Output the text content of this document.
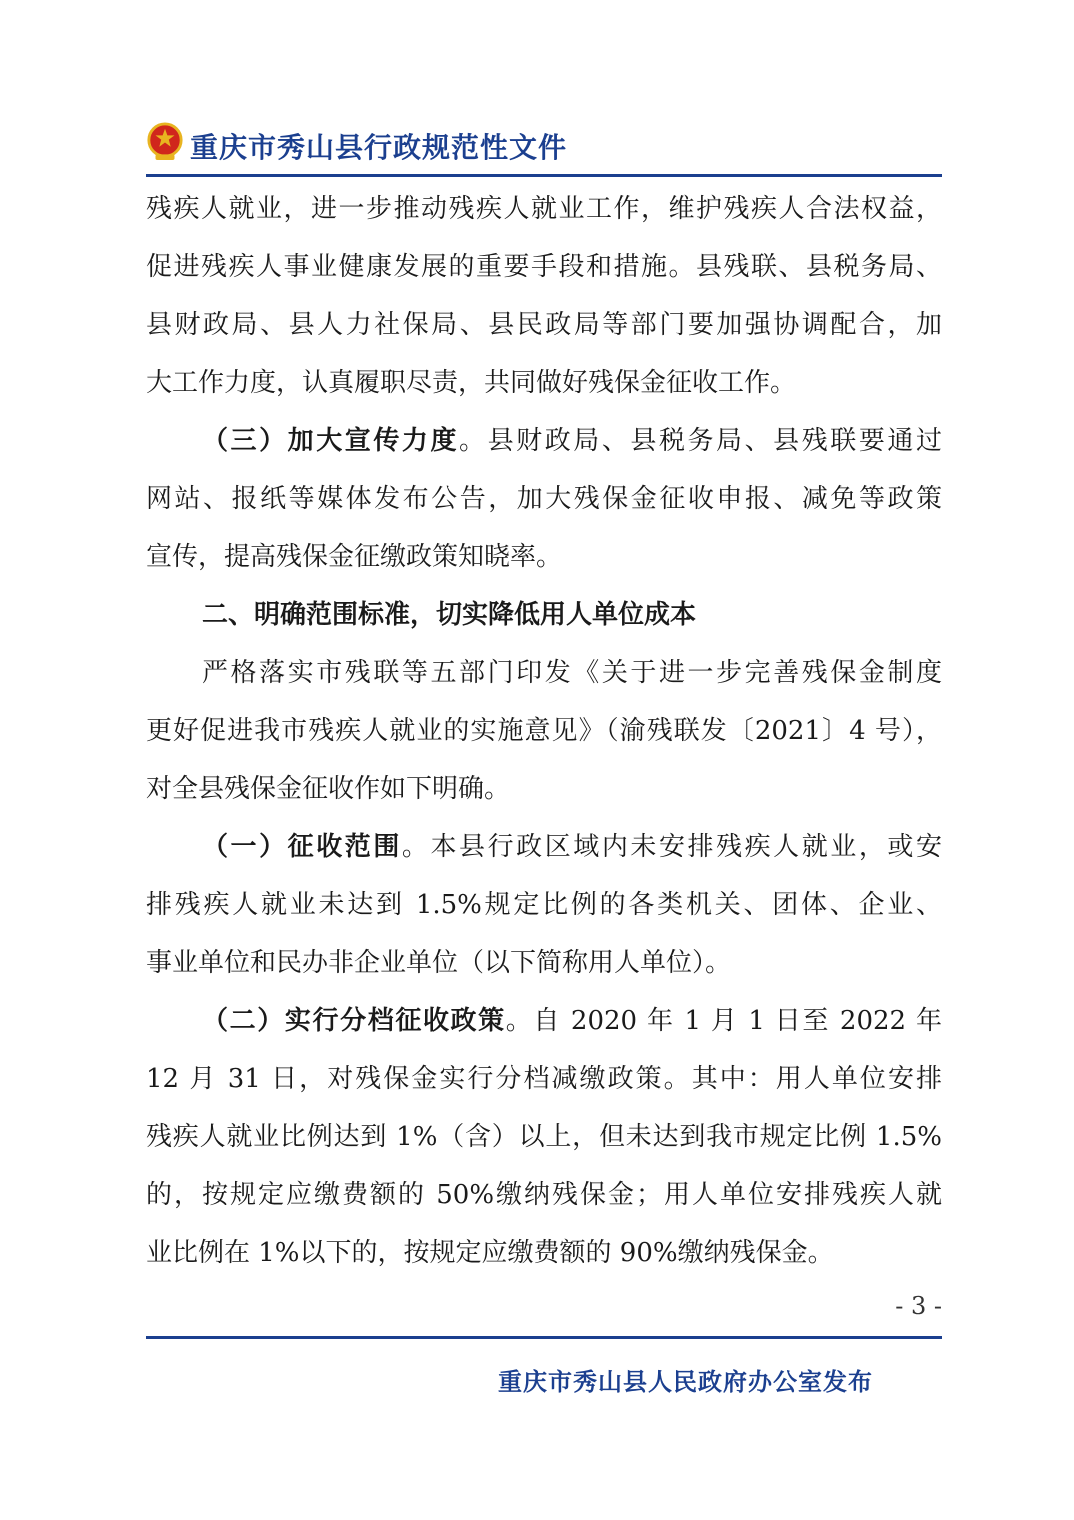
重庆市秀山县行政规范性文件
残疾人就业，进一步推动残疾人就业工作，维护残疾人合法权益，
促进残疾人事业健康发展的重要手段和措施。县残联、县税务局、
县财政局、县人力社保局、县民政局等部门要加强协调配合，加
大工作力度，认真履职尽责，共同做好残保金征收工作。
（三）加大宣传力度。县财政局、县税务局、县残联要通过
网站、报纸等媒体发布公告，加大残保金征收申报、减免等政策
宣传，提高残保金征缴政策知晓率。
二、明确范围标准，切实降低用人单位成本
严格落实市残联等五部门印发《关于进一步完善残保金制度
更好促进我市残疾人就业的实施意见》（渝残联发〔2021〕4 号），
对全县残保金征收作如下明确。
（一）征收范围。本县行政区域内未安排残疾人就业，或安
排残疾人就业未达到 1.5%规定比例的各类机关、团体、企业、
事业单位和民办非企业单位（以下简称用人单位）。
（二）实行分档征收政策。自 2020 年 1 月 1 日至 2022 年
12 月 31 日，对残保金实行分档减缴政策。其中：用人单位安排
残疾人就业比例达到 1%（含）以上，但未达到我市规定比例 1.5%
的，按规定应缴费额的 50%缴纳残保金；用人单位安排残疾人就
业比例在 1%以下的，按规定应缴费额的 90%缴纳残保金。
- 3 -
重庆市秀山县人民政府办公室发布
